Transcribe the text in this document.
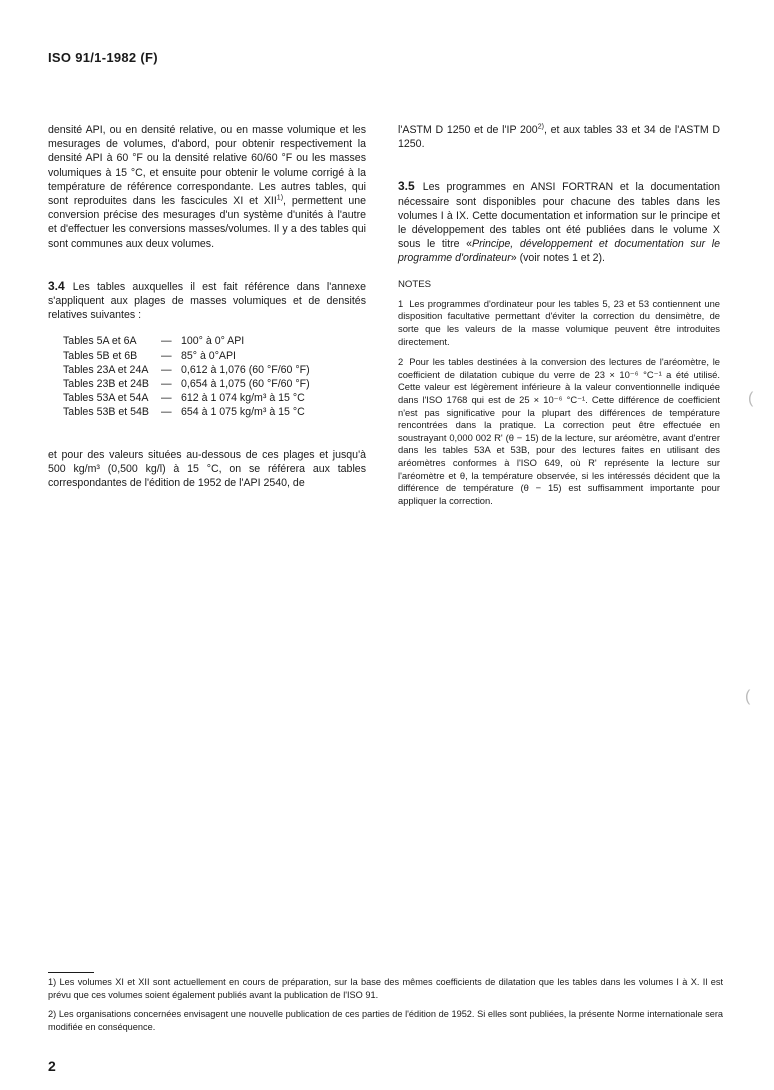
ISO 91/1-1982 (F)

densité API, ou en densité relative, ou en masse volumique et les mesurages de volumes, d'abord, pour obtenir respectivement la densité API à 60 °F ou la densité relative 60/60 °F ou les masses volumiques à 15 °C, et ensuite pour obtenir le volume corrigé à la température de référence correspondante. Les autres tables, qui sont reproduites dans les fascicules XI et XII$^{1)}$, permettent une conversion précise des mesurages d'un système d'unités à l'autre et d'effectuer les conversions masses/volumes. Il y a des tables qui sont communes aux deux volumes.

3.4 Les tables auxquelles il est fait référence dans l'annexe s'appliquent aux plages de masses volumiques et de densités relatives suivantes :

Tables 5A et 6A	— 100° à 0° API
Tables 5B et 6B	— 85° à 0°API
Tables 23A et 24A	— 0,612 à 1,076 (60 °F/60 °F)
Tables 23B et 24B	— 0,654 à 1,075 (60 °F/60 °F)
Tables 53A et 54A	— 612 à 1 074 kg/m³ à 15 °C
Tables 53B et 54B	— 654 à 1 075 kg/m³ à 15 °C

et pour des valeurs situées au-dessous de ces plages et jusqu'à 500 kg/m³ (0,500 kg/l) à 15 °C, on se référera aux tables correspondantes de l'édition de 1952 de l'API 2540, de

l'ASTM D 1250 et de l'IP 200$^{2)}$, et aux tables 33 et 34 de l'ASTM D 1250.

3.5 Les programmes en ANSI FORTRAN et la documentation nécessaire sont disponibles pour chacune des tables dans les volumes I à IX. Cette documentation et information sur le principe et le développement des tables ont été publiées dans le volume X sous le titre «Principe, développement et documentation sur le programme d'ordinateur» (voir notes 1 et 2).

NOTES

1 Les programmes d'ordinateur pour les tables 5, 23 et 53 contiennent une disposition facultative permettant d'éviter la correction du densimètre, de sorte que les valeurs de la masse volumique peuvent être introduites directement.

2 Pour les tables destinées à la conversion des lectures de l'aréomètre, le coefficient de dilatation cubique du verre de 23 × 10⁻⁶ °C⁻¹ a été utilisé. Cette valeur est légèrement inférieure à la valeur conventionnelle indiquée dans l'ISO 1768 qui est de 25 × 10⁻⁶ °C⁻¹. Cette différence de coefficient n'est pas significative pour la plupart des différences de température rencontrées dans la pratique. La correction peut être effectuée en soustrayant 0,000 002 R' (θ − 15) de la lecture, sur aréomètre, avant d'entrer dans les tables 53A et 53B, pour des lectures faites en utilisant des aréomètres conformes à l'ISO 649, où R' représente la lecture sur l'aréomètre et θ, la température observée, si les intéressés décident que la différence de température (θ − 15) est suffisamment importante pour appliquer la correction.

(
(

1) Les volumes XI et XII sont actuellement en cours de préparation, sur la base des mêmes coefficients de dilatation que les tables dans les volumes I à X. Il est prévu que ces volumes soient également publiés avant la publication de l'ISO 91.

2) Les organisations concernées envisagent une nouvelle publication de ces parties de l'édition de 1952. Si elles sont publiées, la présente Norme internationale sera modifiée en conséquence.

2
